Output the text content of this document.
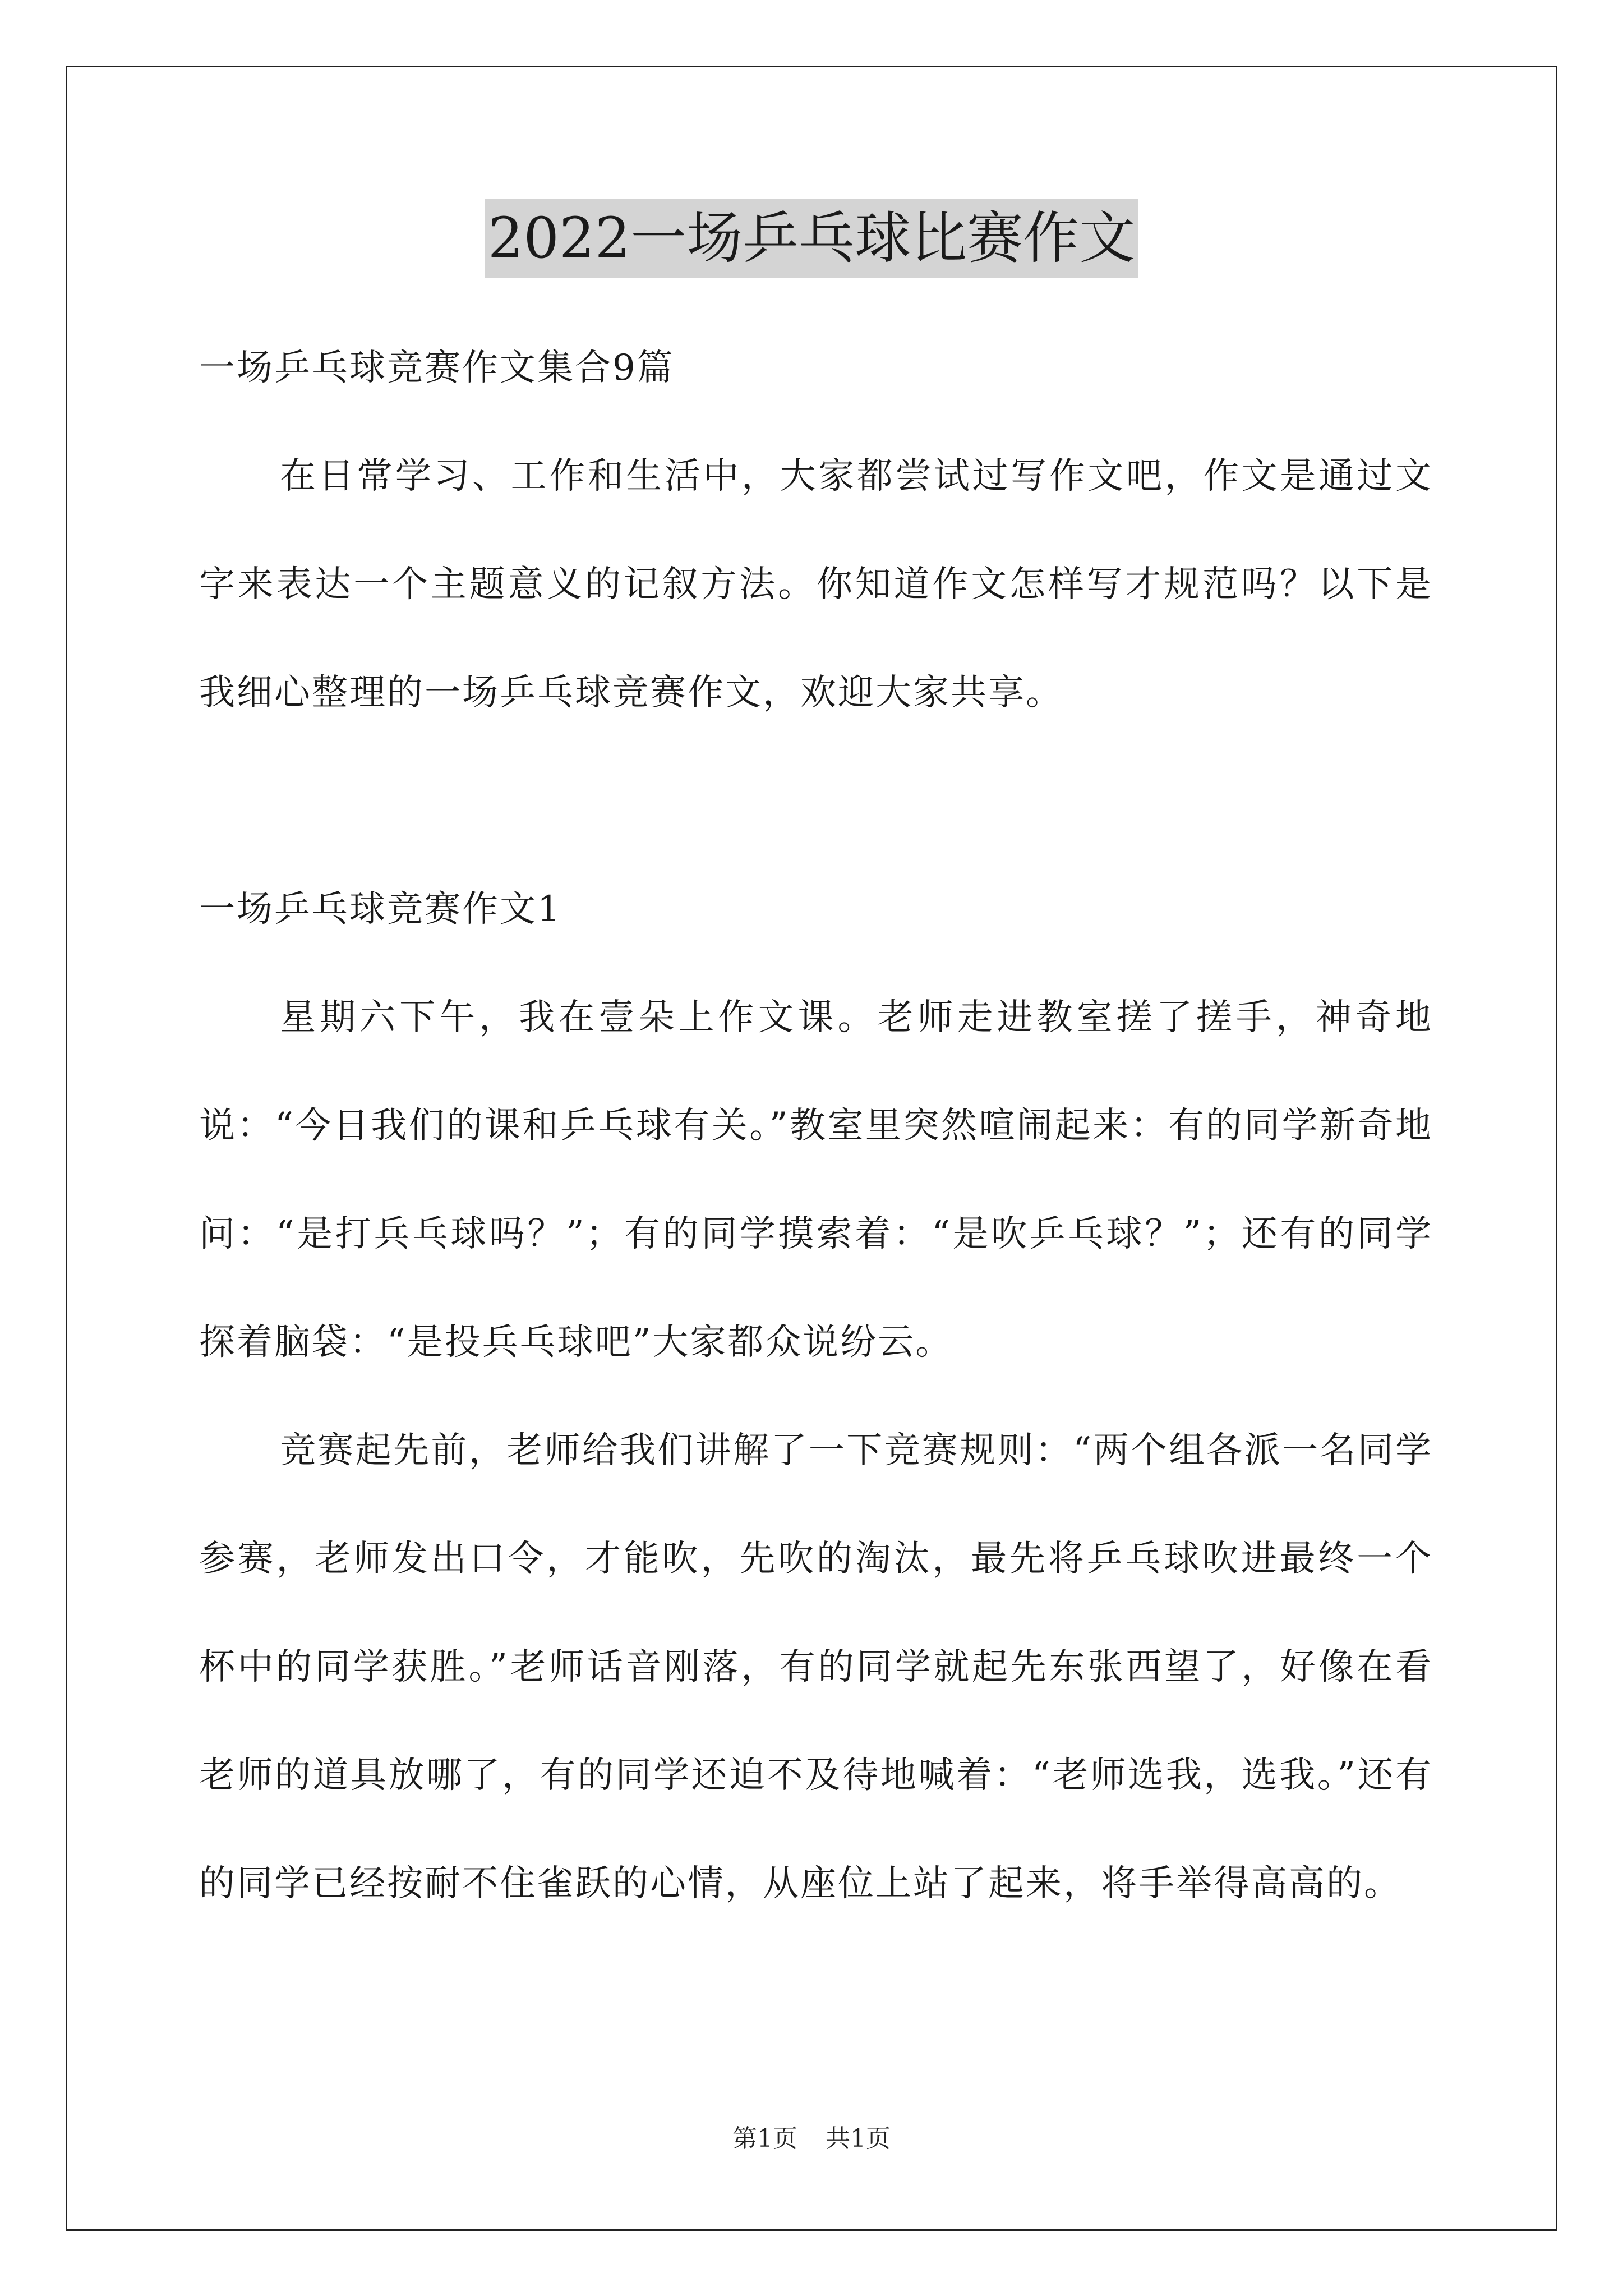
2022一场乒乓球比赛作文

一场乒乓球竞赛作文集合9篇

在日常学习、工作和生活中，大家都尝试过写作文吧，作文是通过文字来表达一个主题意义的记叙方法。你知道作文怎样写才规范吗？以下是我细心整理的一场乒乓球竞赛作文，欢迎大家共享。

一场乒乓球竞赛作文1

星期六下午，我在壹朵上作文课。老师走进教室搓了搓手，神奇地说：“今日我们的课和乒乓球有关。”教室里突然喧闹起来：有的同学新奇地问：“是打兵乓球吗？”；有的同学摸索着：“是吹乒乓球？”；还有的同学探着脑袋：“是投兵乓球吧”大家都众说纷云。

竞赛起先前，老师给我们讲解了一下竞赛规则：“两个组各派一名同学参赛，老师发出口令，才能吹，先吹的淘汰，最先将乒乓球吹进最终一个杯中的同学获胜。”老师话音刚落，有的同学就起先东张西望了，好像在看老师的道具放哪了，有的同学还迫不及待地喊着：“老师选我，选我。”还有的同学已经按耐不住雀跃的心情，从座位上站了起来，将手举得高高的。

第1页 共1页
